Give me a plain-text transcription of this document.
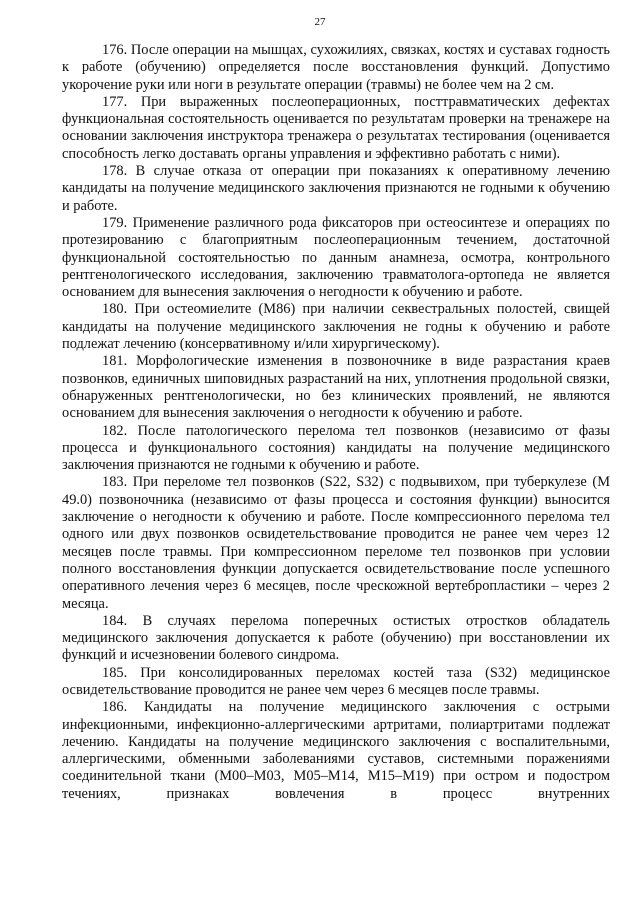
27

176. После операции на мышцах, сухожилиях, связках, костях и суставах годность к работе (обучению) определяется после восстановления функций. Допустимо укорочение руки или ноги в результате операции (травмы) не более чем на 2 см.

177. При выраженных послеоперационных, посттравматических дефектах функциональная состоятельность оценивается по результатам проверки на тренажере на основании заключения инструктора тренажера о результатах тестирования (оценивается способность легко доставать органы управления и эффективно работать с ними).

178. В случае отказа от операции при показаниях к оперативному лечению кандидаты на получение медицинского заключения признаются не годными к обучению и работе.

179. Применение различного рода фиксаторов при остеосинтезе и операциях по протезированию с благоприятным послеоперационным течением, достаточной функциональной состоятельностью по данным анамнеза, осмотра, контрольного рентгенологического исследования, заключению травматолога-ортопеда не является основанием для вынесения заключения о негодности к обучению и работе.

180. При остеомиелите (М86) при наличии секвестральных полостей, свищей кандидаты на получение медицинского заключения не годны к обучению и работе подлежат лечению (консервативному и/или хирургическому).

181. Морфологические изменения в позвоночнике в виде разрастания краев позвонков, единичных шиповидных разрастаний на них, уплотнения продольной связки, обнаруженных рентгенологически, но без клинических проявлений, не являются основанием для вынесения заключения о негодности к обучению и работе.

182. После патологического перелома тел позвонков (независимо от фазы процесса и функционального состояния) кандидаты на получение медицинского заключения признаются не годными к обучению и работе.

183. При переломе тел позвонков (S22, S32) с подвывихом, при туберкулезе (М 49.0) позвоночника (независимо от фазы процесса и состояния функции) выносится заключение о негодности к обучению и работе. После компрессионного перелома тел одного или двух позвонков освидетельствование проводится не ранее чем через 12 месяцев после травмы. При компрессионном переломе тел позвонков при условии полного восстановления функции допускается освидетельствование после успешного оперативного лечения через 6 месяцев, после чрескожной вертебропластики – через 2 месяца.

184. В случаях перелома поперечных остистых отростков обладатель медицинского заключения допускается к работе (обучению) при восстановлении их функций и исчезновении болевого синдрома.

185. При консолидированных переломах костей таза (S32) медицинское освидетельствование проводится не ранее чем через 6 месяцев после травмы.

186. Кандидаты на получение медицинского заключения с острыми инфекционными, инфекционно-аллергическими артритами, полиартритами подлежат лечению. Кандидаты на получение медицинского заключения с воспалительными, аллергическими, обменными заболеваниями суставов, системными поражениями соединительной ткани (М00–М03, М05–М14, М15–М19) при остром и подостром течениях, признаках вовлечения в процесс внутренних
